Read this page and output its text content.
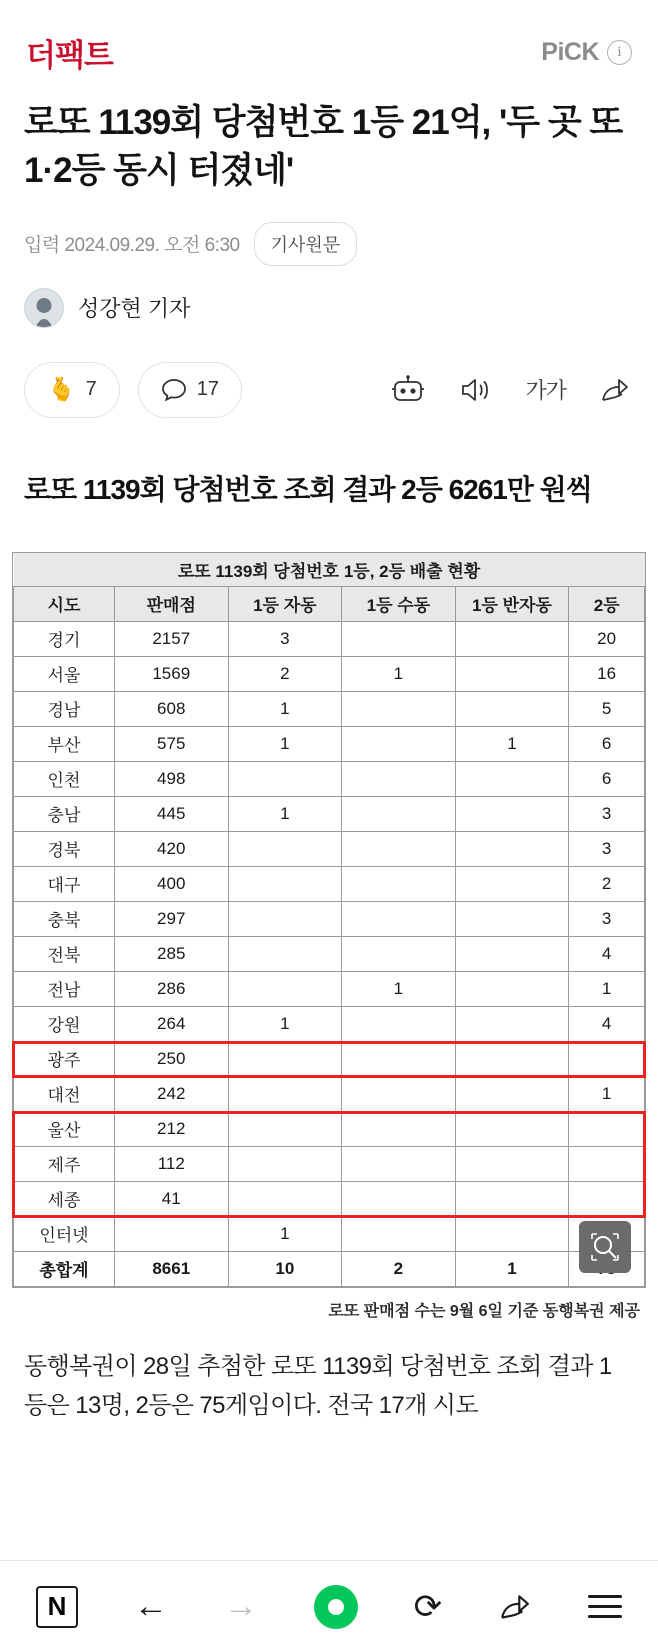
더팩트	PiCK	i
로또 1139회 당첨번호 1등 21억, '두 곳 또 1·2등 동시 터졌네'
입력 2024.09.29. 오전 6:30	기사원문
성강현 기자
🫰 7	17	가가
로또 1139회 당첨번호 조회 결과 2등 6261만 원씩
로또 1139회 당첨번호 1등, 2등 배출 현황					
시도	판매점	1등 자동	1등 수동	1등 반자동	2등
경기	2157	3			20
서울	1569	2	1		16
경남	608	1			5
부산	575	1		1	6
인천	498				6
충남	445	1			3
경북	420				3
대구	400				2
충북	297				3
전북	285				4
전남	286		1		1
강원	264	1			4
광주	250				
대전	242				1
울산	212				
제주	112				
세종	41				
인터넷		1			
총합계	8661	10	2	1	
로또 판매점 수는 9월 6일 기준 동행복권 제공

동행복권이 28일 추첨한 로또 1139회 당첨번호 조회 결과 1등은 13명, 2등은 75게임이다. 전국 17개 시도

N	← →	⟳
